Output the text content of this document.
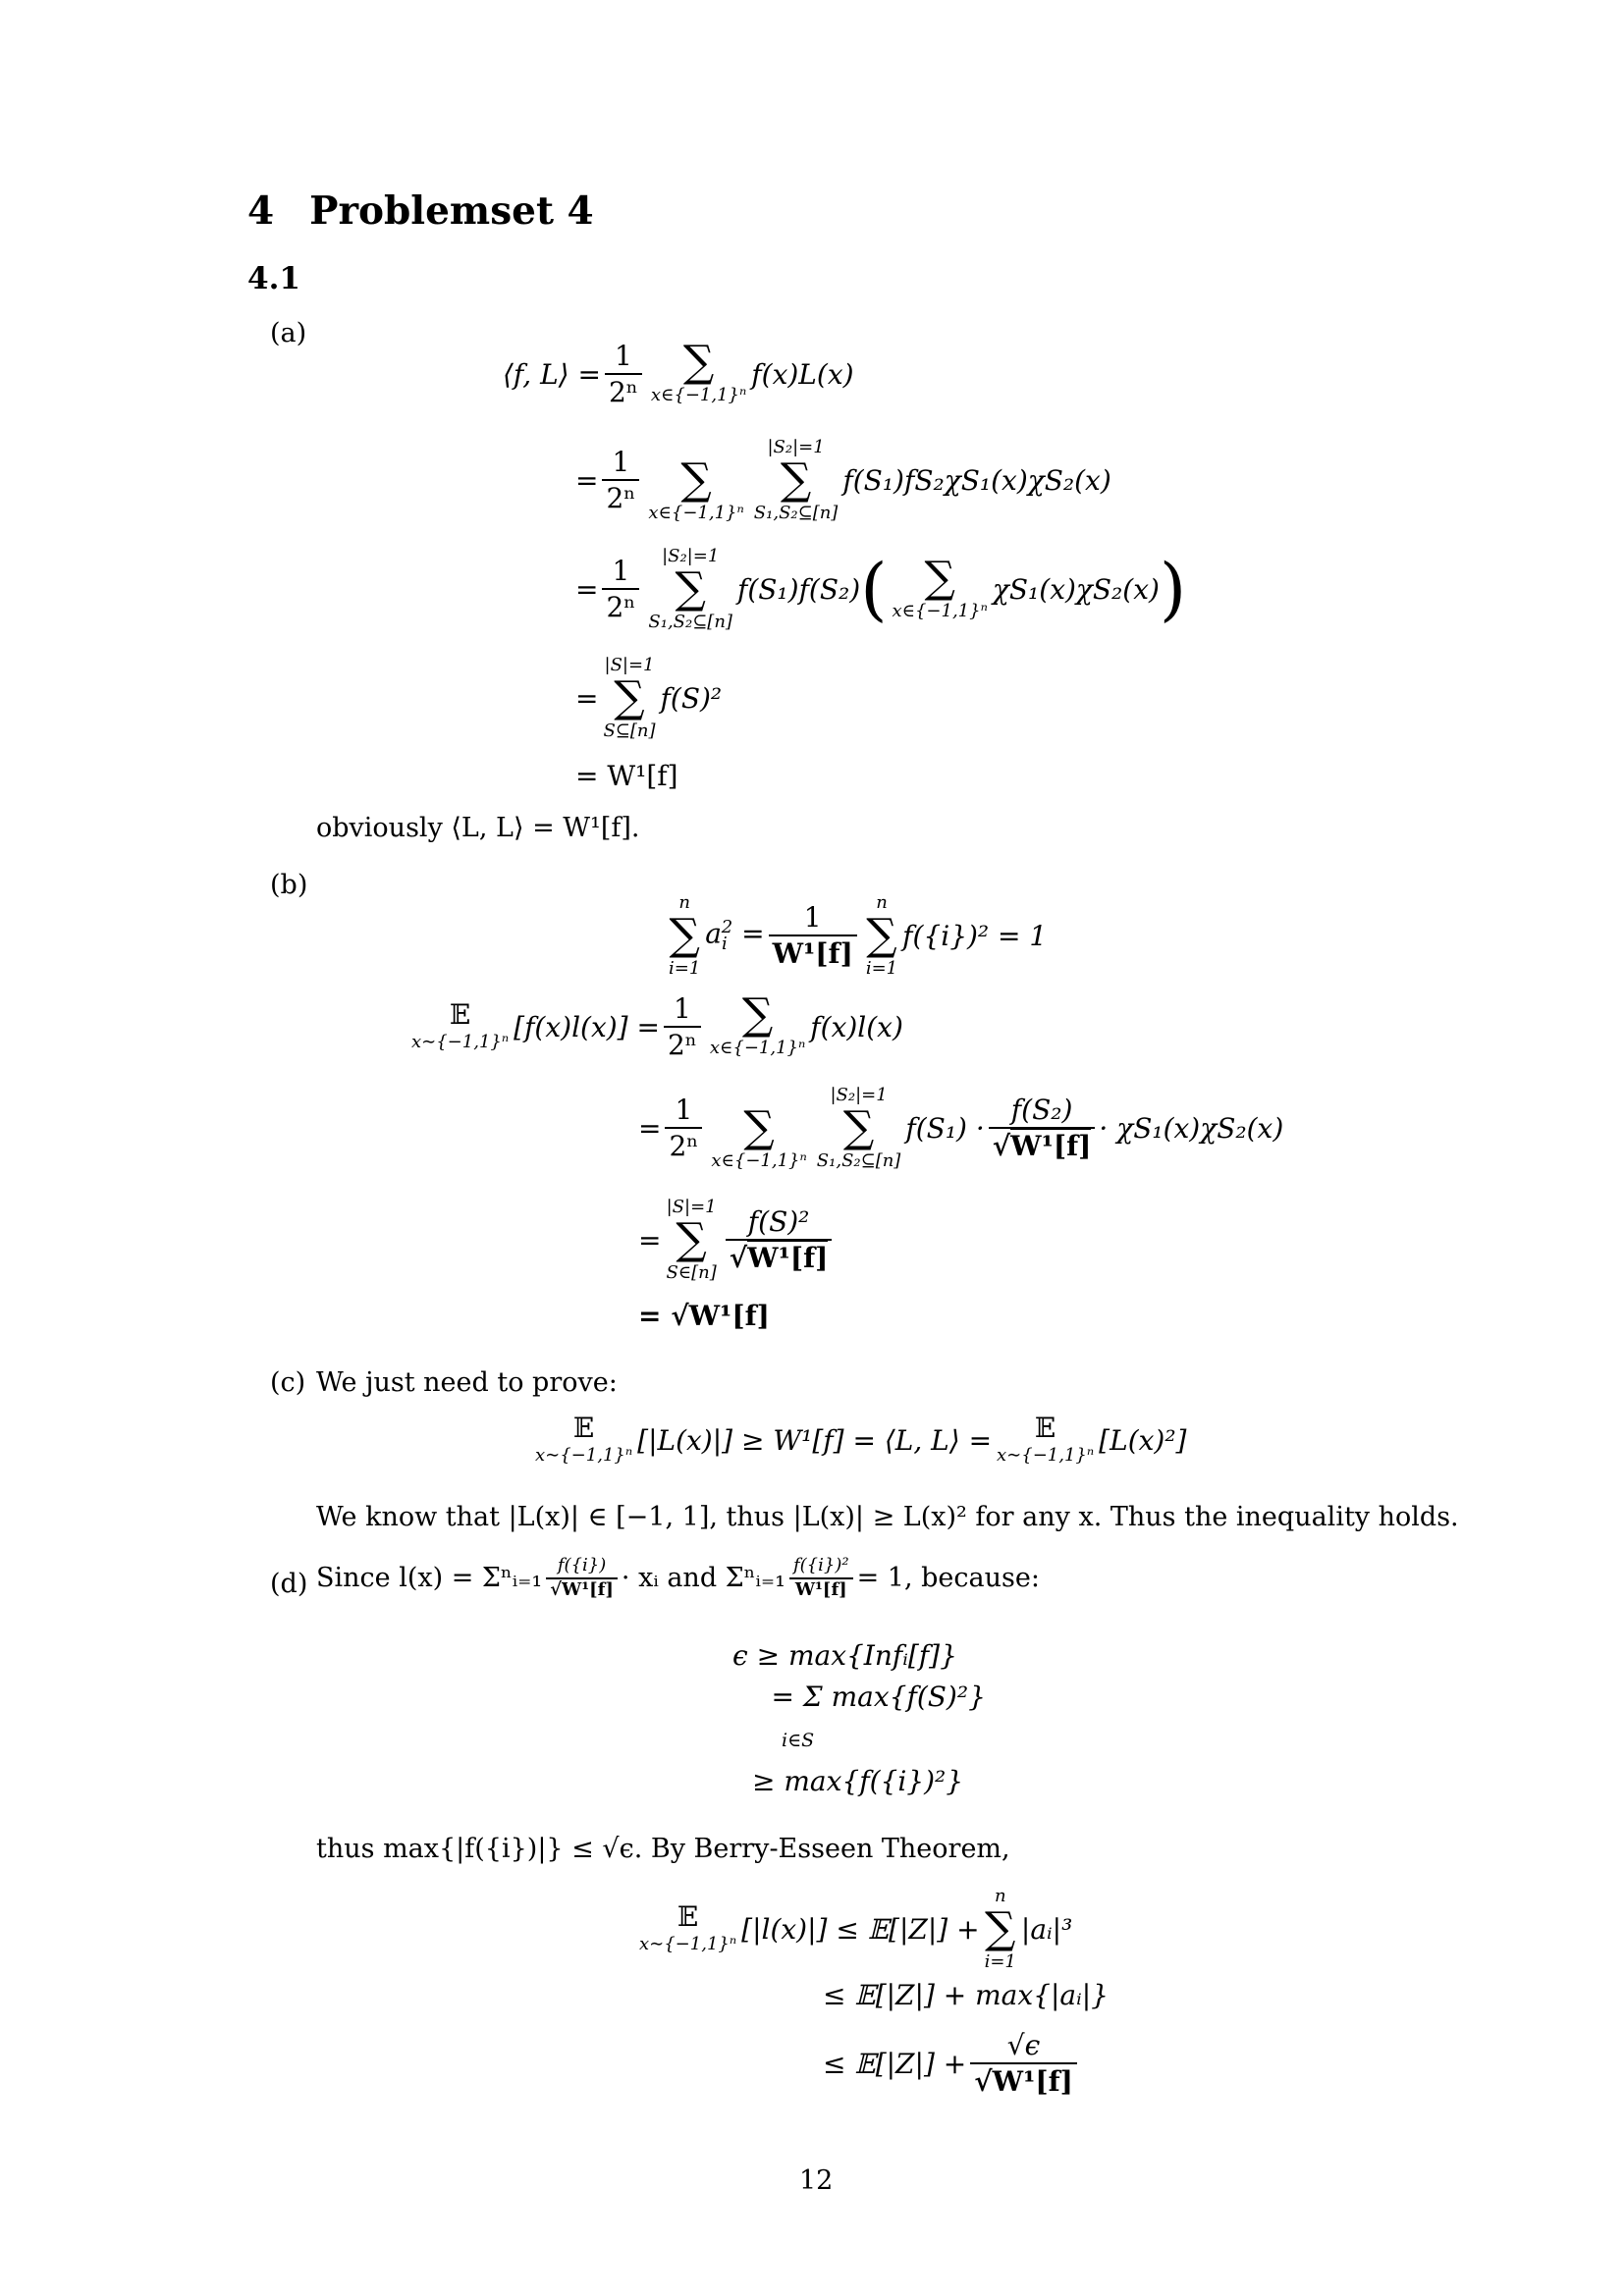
4 Problemset 4
4.1
(a)
⟨f, L⟩ = $\frac{1}{\text{2ⁿ}}$ ∑
x∈{−1,1}ⁿ
f(x)L(x)
= $\frac{1}{\text{2ⁿ}}$
∑
x∈{−1,1}ⁿ
|S₂|=1
∑
S₁,S₂⊆[n]
f(S₁)fS₂χS₁(x)χS₂(x)
= $\frac{1}{\text{2ⁿ}}$	|S₂|=1
∑
S₁,S₂⊆[n]
f(S₁)f(S₂) ( ∑
x∈{−1,1}ⁿ
χS₁(x)χS₂(x) )
=
|S|=1
∑
S⊆[n]
f(S)²
= W¹[f]
obviously ⟨L, L⟩ = W¹[f].
(b)
n
∑
i=1
$a_i^2 = \frac{1}{\text{W¹[f]}}$	n
∑
i=1
f({i})² = 1
𝔼
x∼{−1,1}ⁿ $[f(x)l(x)] = \frac{1}{\text{2ⁿ}}$ ∑
x∈{−1,1}ⁿ
f(x)l(x)
= $\frac{1}{\text{2ⁿ}}$
∑
x∈{−1,1}ⁿ
|S₂|=1
∑
S₁,S₂⊆[n]
$f(S_1) \cdot \frac{\text{f(S₂)}}{\text{√W¹[f]}} \cdot \chi S_1(x)\chi S_2(x)$
=
|S|=1
∑
S∈[n] $\frac{\text{f(S)²}}{\text{√W¹[f]}}$
= √W¹[f]
(c) We just need to prove:
𝔼
x∼{−1,1}ⁿ [|L(x)|] ≥ W¹[f] = ⟨L, L⟩ =	𝔼
x∼{−1,1}ⁿ [L(x)²]
We know that |L(x)| ∈ [−1, 1], thus |L(x)| ≥ L(x)² for any x. Thus the inequality holds.
(d) Since l(x) = Σⁿᵢ₌₁ $\frac{f(\{i\})}{\text{√W¹[f]}}$ · xᵢ and Σⁿᵢ₌₁ $\frac{\text{f(\{i\})²}}{\text{W¹[f]}} = 1$, because:
ϵ ≥ max{Infᵢ[f]}

= Σ max{f(S)²}
i∈S
≥ max{f({i})²}
thus max{|f({i})|} ≤ √ϵ. By Berry-Esseen Theorem,
𝔼
x∼{−1,1}ⁿ [|l(x)|] ≤ 𝔼[|Z|] +
n
∑
i=1
|aᵢ|³
≤ 𝔼[|Z|] + max{|aᵢ|}
≤ 𝔼[|Z|] + $\frac{√\epsilon}{\text{√W¹[f]}}$
12
